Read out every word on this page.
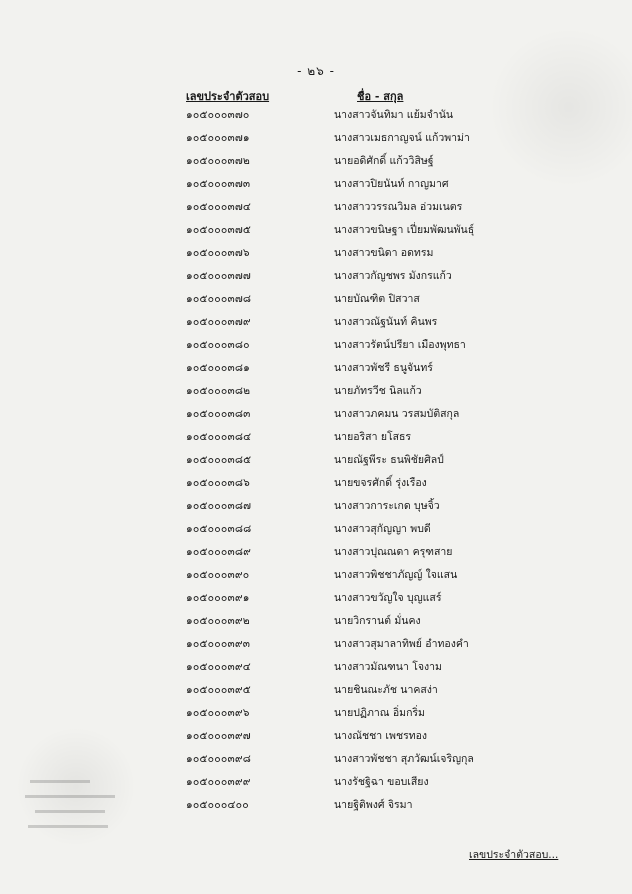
- ๒๖ -
เลขประจำตัวสอบ	ชื่อ - สกุล
๑๐๕๐๐๐๓๗๐	นางสาวจันทิมา แย้มจำนัน
๑๐๕๐๐๐๓๗๑	นางสาวเมธกาญจน์ แก้วพาม่า
๑๐๕๐๐๐๓๗๒	นายอดิศักดิ์ แก้ววิสิษฐ์
๑๐๕๐๐๐๓๗๓	นางสาวปิยนันท์ กาญมาศ
๑๐๕๐๐๐๓๗๔	นางสาววรรณวิมล อ่วมเนตร
๑๐๕๐๐๐๓๗๕	นางสาวขนิษฐา เปี่ยมพัฒนพันธุ์
๑๐๕๐๐๐๓๗๖	นางสาวขนิดา อดทรม
๑๐๕๐๐๐๓๗๗	นางสาวกัญชพร มังกรแก้ว
๑๐๕๐๐๐๓๗๘	นายบัณฑิต ปิสวาส
๑๐๕๐๐๐๓๗๙	นางสาวณัฐนันท์ คินพร
๑๐๕๐๐๐๓๘๐	นางสาวรัตน์ปรียา เมืองพุทธา
๑๐๕๐๐๐๓๘๑	นางสาวพัชรี ธนูจันทร์
๑๐๕๐๐๐๓๘๒	นายภัทรวีช นิลแก้ว
๑๐๕๐๐๐๓๘๓	นางสาวภคมน วรสมบัติสกุล
๑๐๕๐๐๐๓๘๔	นายอริสา ยโสธร
๑๐๕๐๐๐๓๘๕	นายณัฐพีระ ธนพิชัยศิลป์
๑๐๕๐๐๐๓๘๖	นายขจรศักดิ์ รุ่งเรือง
๑๐๕๐๐๐๓๘๗	นางสาวการะเกด บุษจิ้ว
๑๐๕๐๐๐๓๘๘	นางสาวสุกัญญา พบดี
๑๐๕๐๐๐๓๘๙	นางสาวปุณณดา ครุฑสาย
๑๐๕๐๐๐๓๙๐	นางสาวพิชชาภัญญ์ ใจแสน
๑๐๕๐๐๐๓๙๑	นางสาวขวัญใจ บุญแสร์
๑๐๕๐๐๐๓๙๒	นายวิกรานต์ มั่นคง
๑๐๕๐๐๐๓๙๓	นางสาวสุมาลาทิพย์ อำทองคำ
๑๐๕๐๐๐๓๙๔	นางสาวมัณฑนา โจงาม
๑๐๕๐๐๐๓๙๕	นายชินณะภัช นาคสง่า
๑๐๕๐๐๐๓๙๖	นายปฏิภาณ อิ่มกริ่ม
๑๐๕๐๐๐๓๙๗	นางณัชชา เพชรทอง
๑๐๕๐๐๐๓๙๘	นางสาวพัชชา สุภวัฒน์เจริญกุล
๑๐๕๐๐๐๓๙๙	นางรัชฐิฉา ขอบเสียง
๑๐๕๐๐๐๔๐๐	นายฐิติพงศ์ จิรมา
เลขประจำตัวสอบ...
